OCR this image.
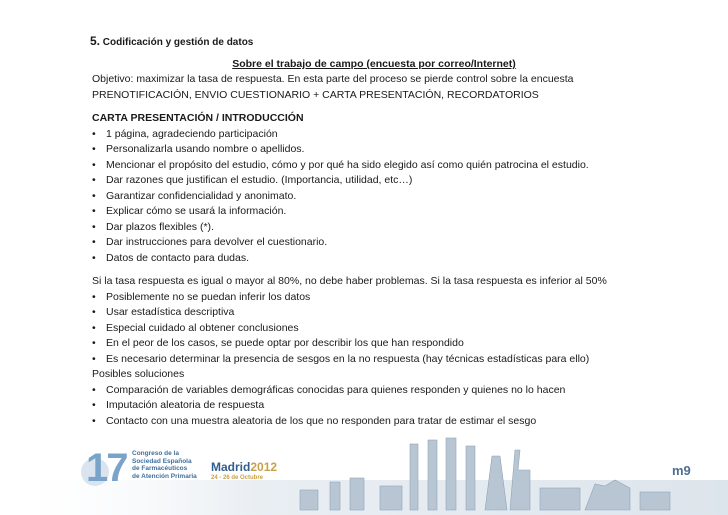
5. Codificación y gestión de datos
Sobre el trabajo de campo (encuesta por correo/Internet)
Objetivo: maximizar la tasa de respuesta. En esta parte del proceso se pierde control sobre la encuesta
PRENOTIFICACIÓN, ENVIO CUESTIONARIO + CARTA PRESENTACIÓN, RECORDATORIOS
CARTA PRESENTACIÓN / INTRODUCCIÓN
• 1 página, agradeciendo participación
• Personalizarla usando nombre o apellidos.
• Mencionar el propósito del estudio, cómo y por qué ha sido elegido así como quién patrocina el estudio.
• Dar razones que justifican el estudio. (Importancia, utilidad, etc…)
• Garantizar confidencialidad y anonimato.
• Explicar cómo se usará la información.
• Dar plazos flexibles (*).
• Dar instrucciones para devolver el cuestionario.
• Datos de contacto para dudas.
Si la tasa respuesta es igual o mayor al 80%, no debe haber problemas. Si la tasa respuesta es inferior al 50%
• Posiblemente no se puedan inferir los datos
• Usar estadística descriptiva
• Especial cuidado al obtener conclusiones
• En el peor de los casos, se puede optar por describir los que han respondido
• Es necesario determinar la presencia de sesgos en la no respuesta (hay técnicas estadísticas para ello)
Posibles soluciones
• Comparación de variables demográficas conocidas para quienes responden y quienes no lo hacen
• Imputación aleatoria de respuesta
• Contacto con una muestra aleatoria de los que no responden para tratar de estimar el sesgo
17 Congreso de la
Sociedad Española
de Farmacéuticos
de Atención Primaria
Madrid2012
24 - 26 de Octubre	m9
